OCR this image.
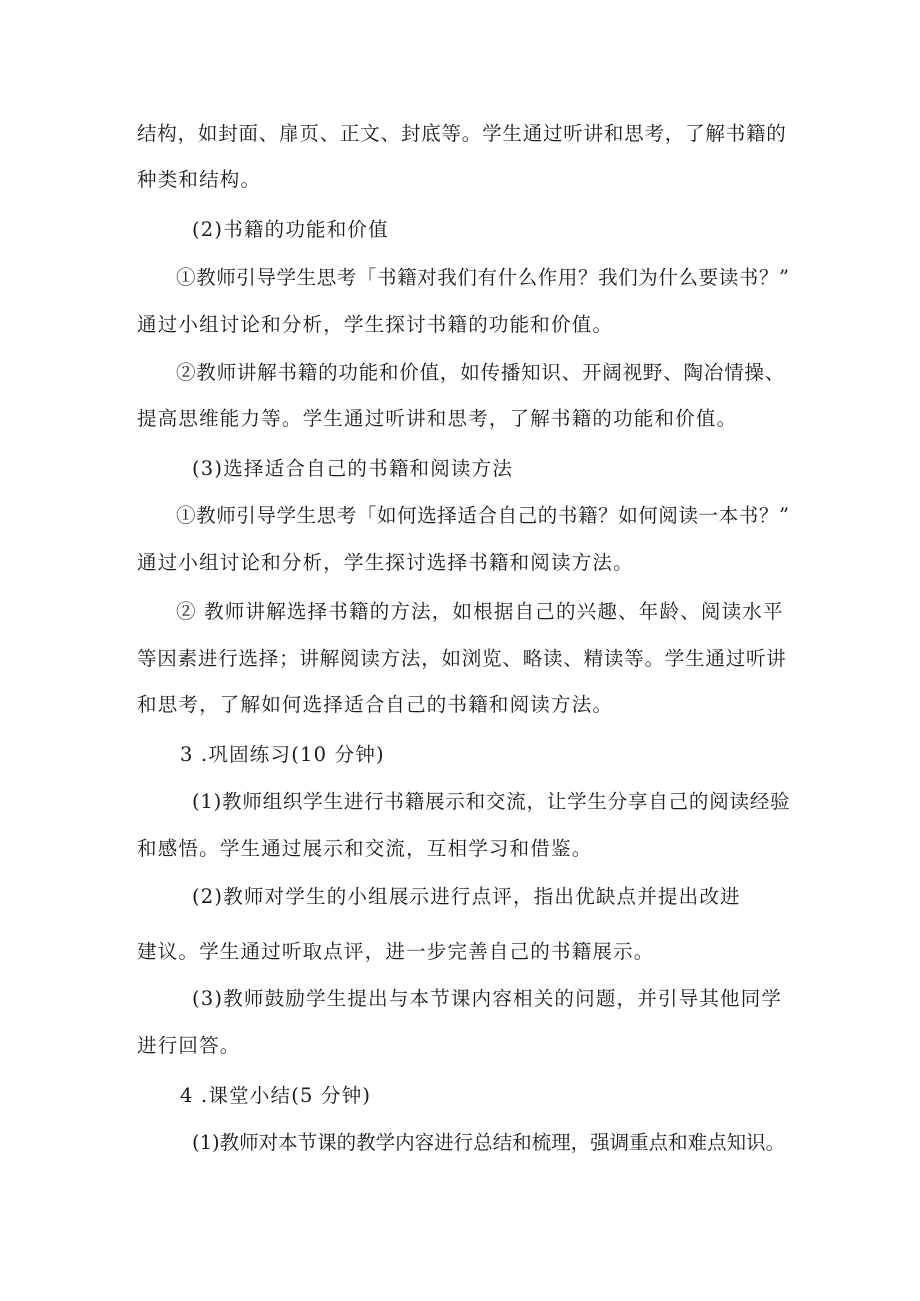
结构，如封面、扉页、正文、封底等。学生通过听讲和思考，了解书籍的
种类和结构。
(2)书籍的功能和价值
①教师引导学生思考「书籍对我们有什么作用？我们为什么要读书？”
通过小组讨论和分析，学生探讨书籍的功能和价值。
②教师讲解书籍的功能和价值，如传播知识、开阔视野、陶冶情操、
提高思维能力等。学生通过听讲和思考，了解书籍的功能和价值。
(3)选择适合自己的书籍和阅读方法
①教师引导学生思考「如何选择适合自己的书籍？如何阅读一本书？”
通过小组讨论和分析，学生探讨选择书籍和阅读方法。
② 教师讲解选择书籍的方法，如根据自己的兴趣、年龄、阅读水平
等因素进行选择；讲解阅读方法，如浏览、略读、精读等。学生通过听讲
和思考，了解如何选择适合自己的书籍和阅读方法。
3 .巩固练习(10 分钟)
(1)教师组织学生进行书籍展示和交流，让学生分享自己的阅读经验
和感悟。学生通过展示和交流，互相学习和借鉴。
(2)教师对学生的小组展示进行点评，指出优缺点并提出改进
建议。学生通过听取点评，进一步完善自己的书籍展示。
(3)教师鼓励学生提出与本节课内容相关的问题，并引导其他同学
进行回答。
4 .课堂小结(5 分钟)
(1)教师对本节课的教学内容进行总结和梳理，强调重点和难点知识。
